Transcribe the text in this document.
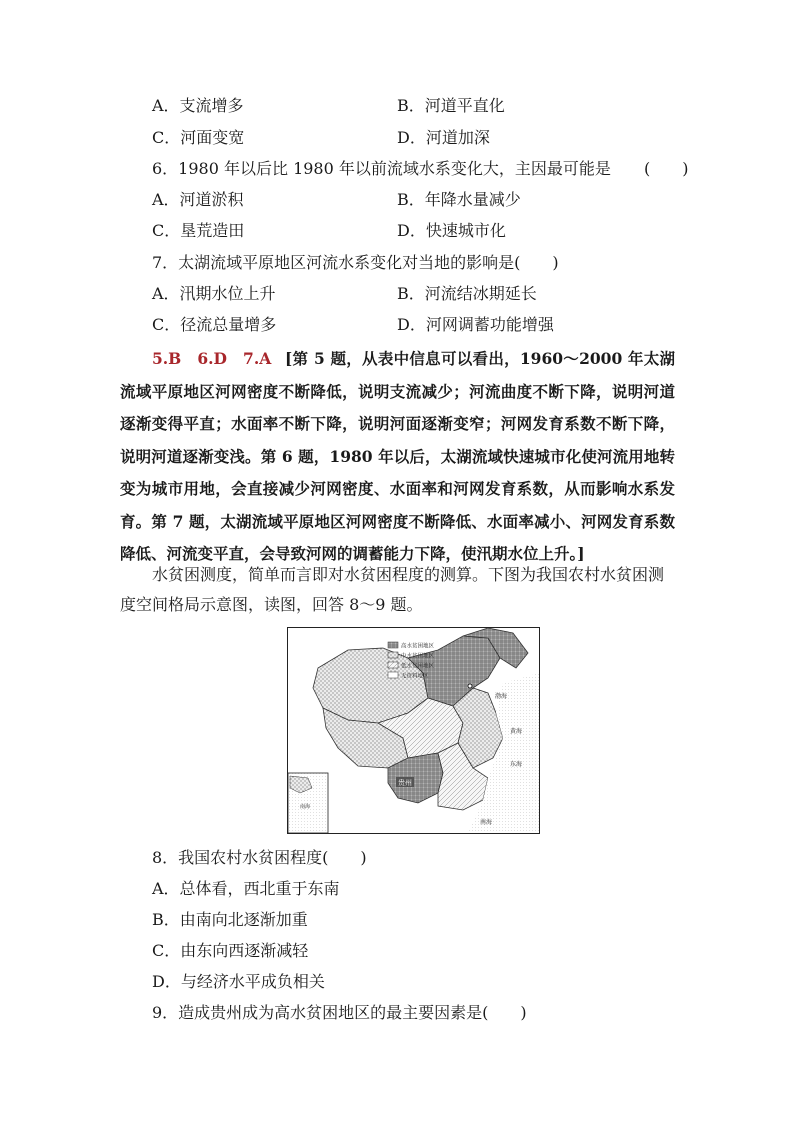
A．支流增多	B．河道平直化
C．河面变宽	D．河道加深
6．1980 年以后比 1980 年以前流域水系变化大，主因最可能是 (　　)
A．河道淤积	B．年降水量减少
C．垦荒造田	D．快速城市化
7．太湖流域平原地区河流水系变化对当地的影响是(　　)
A．汛期水位上升	B．河流结冰期延长
C．径流总量增多	D．河网调蓄功能增强
5.B　6.D　7.A [第 5 题，从表中信息可以看出，1960～2000 年太湖流域平原地区河网密度不断降低，说明支流减少；河流曲度不断下降，说明河道逐渐变得平直；水面率不断下降，说明河面逐渐变窄；河网发育系数不断下降，说明河道逐渐变浅。第 6 题，1980 年以后，太湖流域快速城市化使河流用地转变为城市用地，会直接减少河网密度、水面率和河网发育系数，从而影响水系发育。第 7 题，太湖流域平原地区河网密度不断降低、水面率减小、河网发育系数降低、河流变平直，会导致河网的调蓄能力下降，使汛期水位上升。]
水贫困测度，简单而言即对水贫困程度的测算。下图为我国农村水贫困测度空间格局示意图，读图，回答 8～9 题。
高水贫困地区
中水贫困地区
低水贫困地区
无资料地区
贵州
渤海
黄海
东海
南海
南海
8．我国农村水贫困程度(　　)
A．总体看，西北重于东南
B．由南向北逐渐加重
C．由东向西逐渐减轻
D．与经济水平成负相关
9．造成贵州成为高水贫困地区的最主要因素是(　　)
